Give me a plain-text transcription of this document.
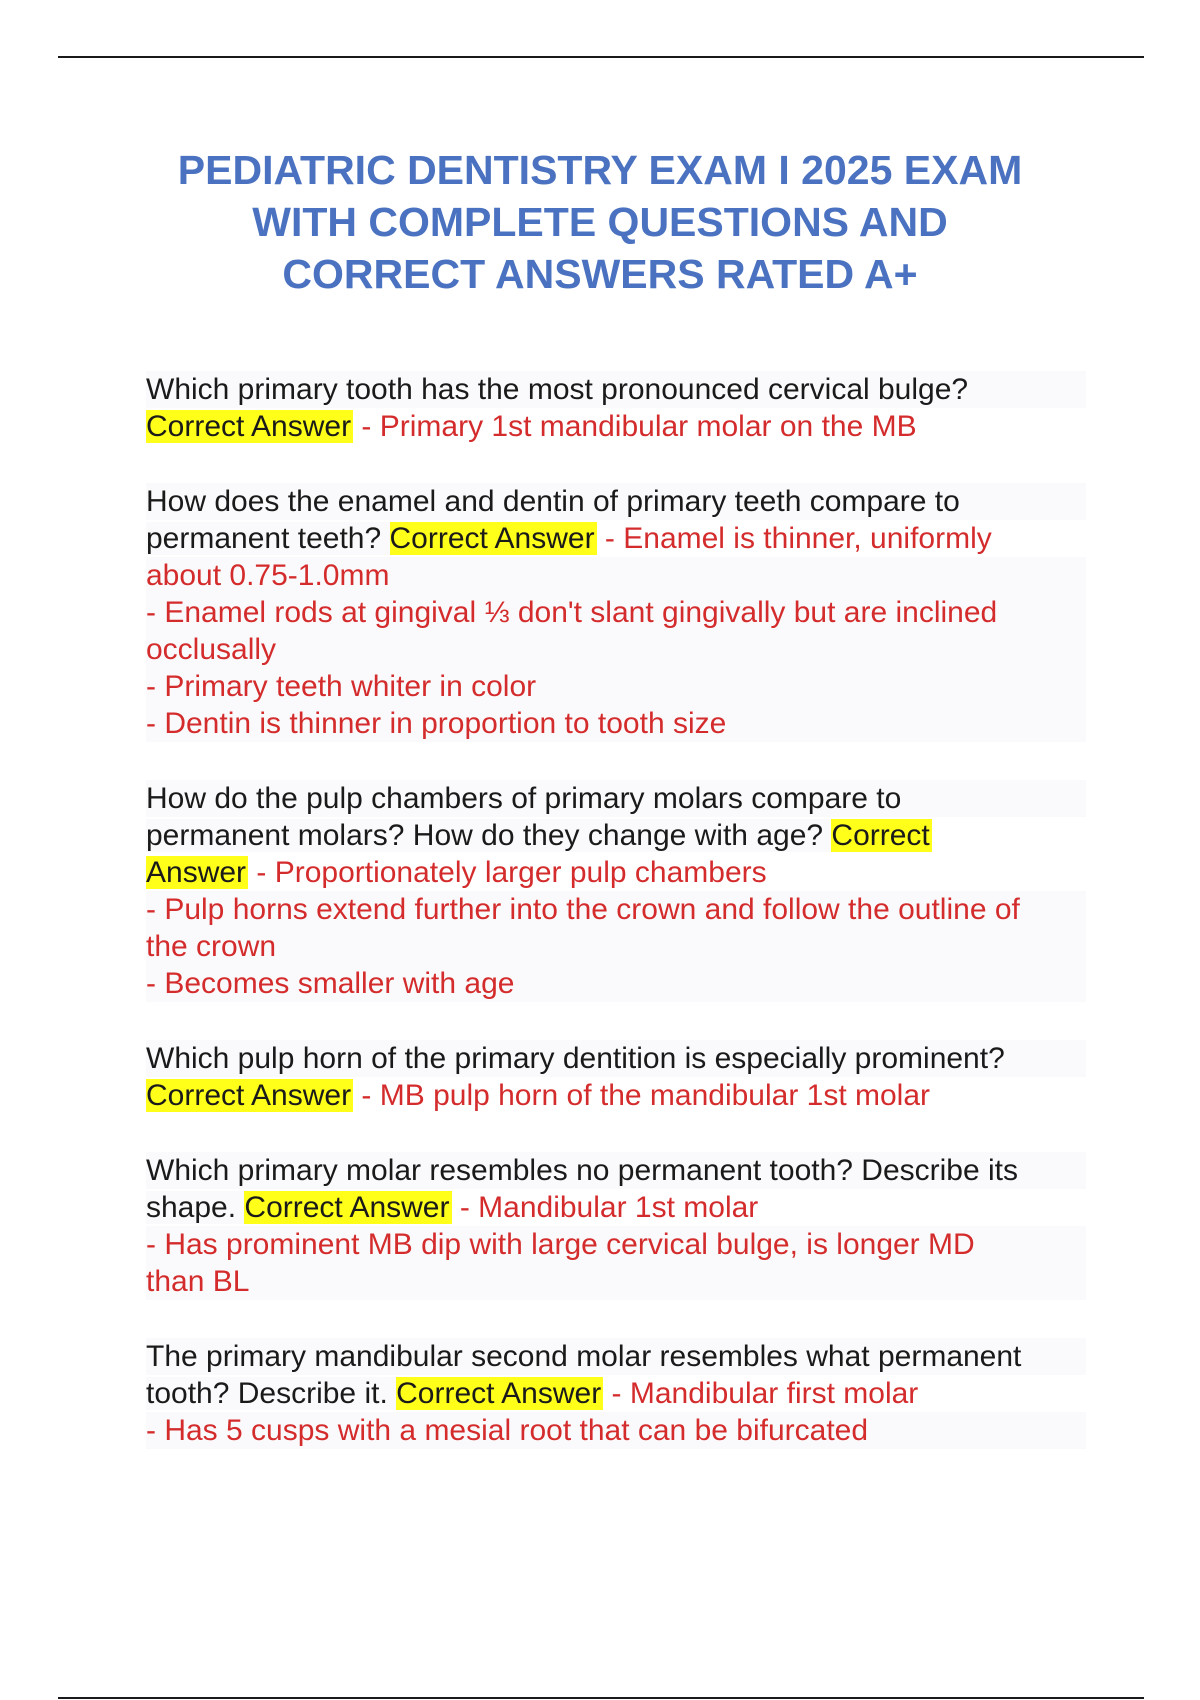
PEDIATRIC DENTISTRY EXAM I 2025 EXAM
WITH COMPLETE QUESTIONS AND
CORRECT ANSWERS RATED A+
Which primary tooth has the most pronounced cervical bulge?
Correct Answer - Primary 1st mandibular molar on the MB
How does the enamel and dentin of primary teeth compare to
permanent teeth? Correct Answer - Enamel is thinner, uniformly
about 0.75-1.0mm
- Enamel rods at gingival ⅓ don't slant gingivally but are inclined
occlusally
- Primary teeth whiter in color
- Dentin is thinner in proportion to tooth size
How do the pulp chambers of primary molars compare to
permanent molars? How do they change with age? Correct
Answer - Proportionately larger pulp chambers
- Pulp horns extend further into the crown and follow the outline of
the crown
- Becomes smaller with age
Which pulp horn of the primary dentition is especially prominent?
Correct Answer - MB pulp horn of the mandibular 1st molar
Which primary molar resembles no permanent tooth? Describe its
shape. Correct Answer - Mandibular 1st molar
- Has prominent MB dip with large cervical bulge, is longer MD
than BL
The primary mandibular second molar resembles what permanent
tooth? Describe it. Correct Answer - Mandibular first molar
- Has 5 cusps with a mesial root that can be bifurcated
